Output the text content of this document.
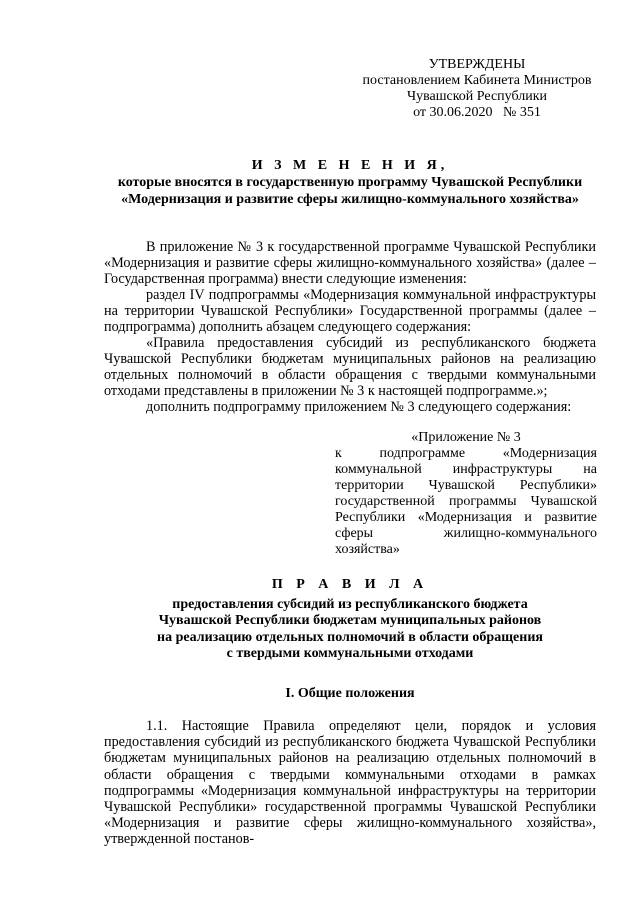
УТВЕРЖДЕНЫ
постановлением Кабинета Министров
Чувашской Республики
от 30.06.2020   № 351
И З М Е Н Е Н И Я,
которые вносятся в государственную программу Чувашской Республики
«Модернизация и развитие сферы жилищно-коммунального хозяйства»

В приложение № 3 к государственной программе Чувашской Республики «Модернизация и развитие сферы жилищно-коммунального хозяйства» (далее – Государственная программа) внести следующие изменения:

раздел IV подпрограммы «Модернизация коммунальной инфраструктуры на территории Чувашской Республики» Государственной программы (далее – подпрограмма) дополнить абзацем следующего содержания:

«Правила предоставления субсидий из республиканского бюджета Чувашской Республики бюджетам муниципальных районов на реализацию отдельных полномочий в области обращения с твердыми коммунальными отходами представлены в приложении № 3 к настоящей подпрограмме.»;

дополнить подпрограмму приложением № 3 следующего содержания:

«Приложение № 3
к подпрограмме «Модернизация коммунальной инфраструктуры на территории Чувашской Республики» государственной программы Чувашской Республики «Модернизация и развитие сферы жилищно-коммунального хозяйства»
П Р А В И Л А
предоставления субсидий из республиканского бюджета
Чувашской Республики бюджетам муниципальных районов
на реализацию отдельных полномочий в области обращения
с твердыми коммунальными отходами
I. Общие положения

1.1. Настоящие Правила определяют цели, порядок и условия предоставления субсидий из республиканского бюджета Чувашской Республики бюджетам муниципальных районов на реализацию отдельных полномочий в области обращения с твердыми коммунальными отходами в рамках подпрограммы «Модернизация коммунальной инфраструктуры на территории Чувашской Республики» государственной программы Чувашской Республики «Модернизация и развитие сферы жилищно-коммунального хозяйства», утвержденной постанов-
